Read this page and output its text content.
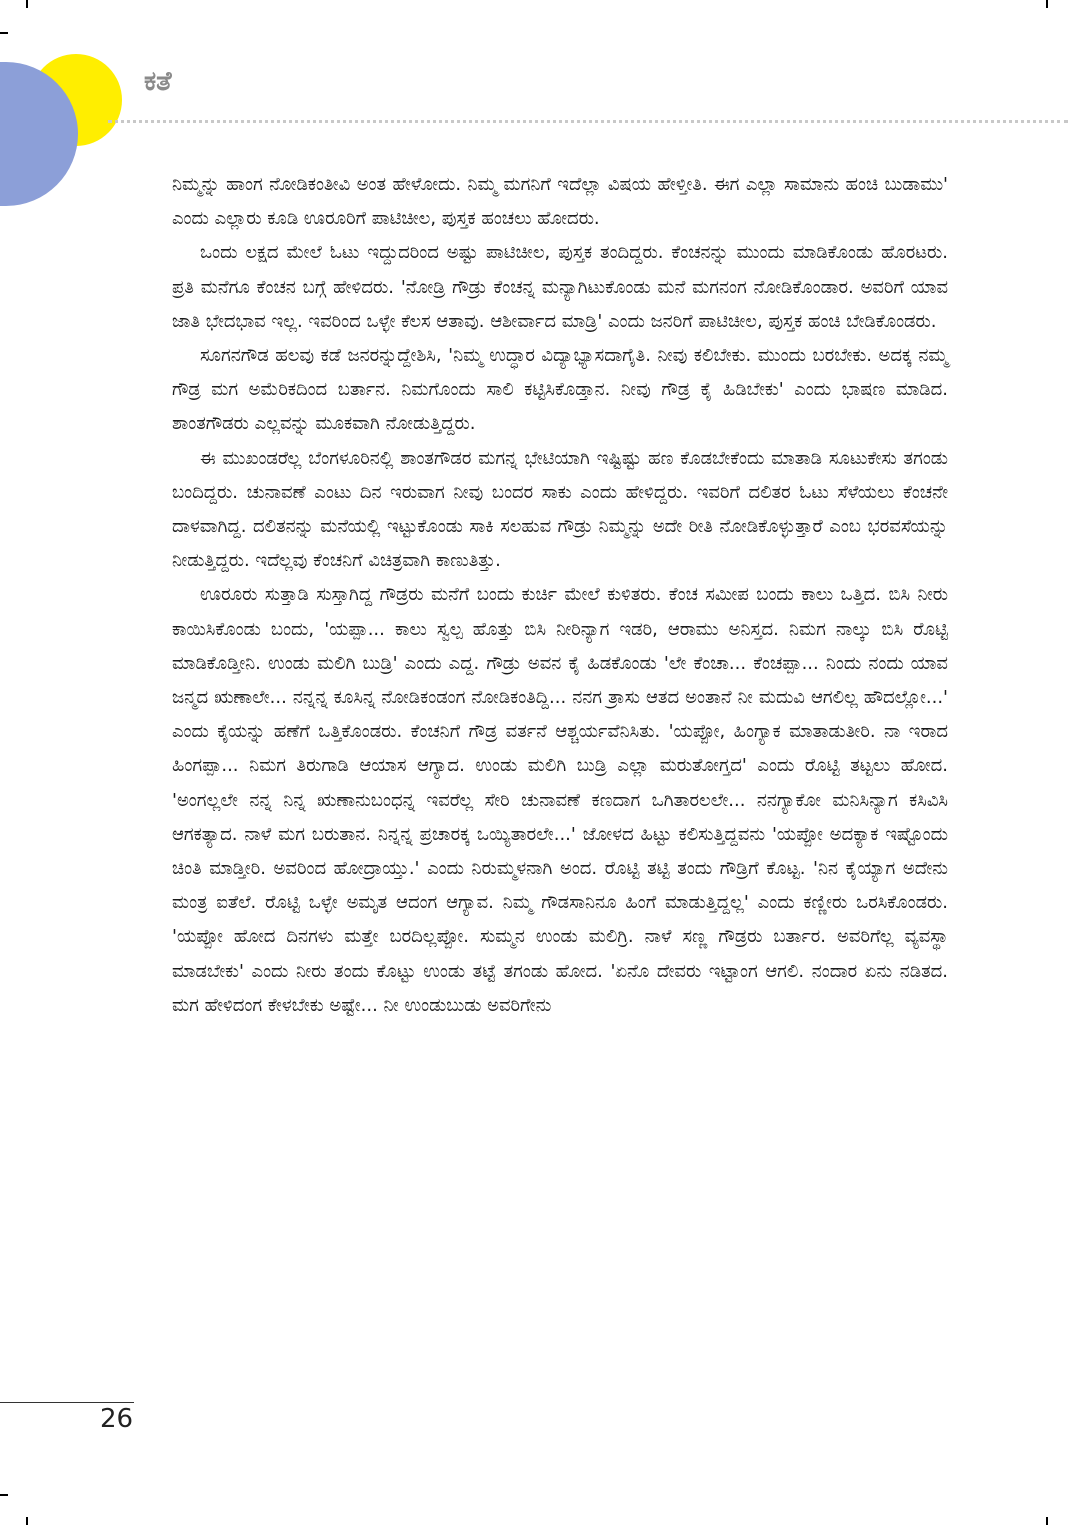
ಕತೆ

ನಿಮ್ಮನ್ನು ಹಾಂಗ ನೋಡಿಕಂತೀವಿ ಅಂತ ಹೇಳೋದು. ನಿಮ್ಮ ಮಗನಿಗೆ ಇದೆಲ್ಲಾ ವಿಷಯ ಹೇಳ್ತೀತಿ. ಈಗ ಎಲ್ಲಾ ಸಾಮಾನು ಹಂಚಿ ಬುಡಾಮು' ಎಂದು ಎಲ್ಲಾರು ಕೂಡಿ ಊರೂರಿಗೆ ಪಾಟಿಚೀಲ, ಪುಸ್ತಕ ಹಂಚಲು ಹೋದರು.

ಒಂದು ಲಕ್ಷದ ಮೇಲೆ ಓಟು ಇದ್ದುದರಿಂದ ಅಷ್ಟು ಪಾಟಿಚೀಲ, ಪುಸ್ತಕ ತಂದಿದ್ದರು. ಕೆಂಚನನ್ನು ಮುಂದು ಮಾಡಿಕೊಂಡು ಹೊರಟರು. ಪ್ರತಿ ಮನೆಗೂ ಕೆಂಚನ ಬಗ್ಗೆ ಹೇಳಿದರು. 'ನೋಡ್ರಿ ಗೌಡ್ರು ಕೆಂಚನ್ನ ಮನ್ಯಾಗಿಟುಕೊಂಡು ಮನೆ ಮಗನಂಗ ನೋಡಿಕೊಂಡಾರ. ಅವರಿಗೆ ಯಾವ ಜಾತಿ ಭೇದಭಾವ ಇಲ್ಲ. ಇವರಿಂದ ಒಳ್ಳೇ ಕೆಲಸ ಆತಾವು. ಆಶೀರ್ವಾದ ಮಾಡ್ರಿ' ಎಂದು ಜನರಿಗೆ ಪಾಟಿಚೀಲ, ಪುಸ್ತಕ ಹಂಚಿ ಬೇಡಿಕೊಂಡರು.

ಸೂಗನಗೌಡ ಹಲವು ಕಡೆ ಜನರನ್ನುದ್ದೇಶಿಸಿ, 'ನಿಮ್ಮ ಉದ್ಧಾರ ವಿದ್ಯಾಭ್ಯಾಸದಾಗೈತಿ. ನೀವು ಕಲಿಬೇಕು. ಮುಂದು ಬರಬೇಕು. ಅದಕ್ಕ ನಮ್ಮ ಗೌಡ್ರ ಮಗ ಅಮೆರಿಕದಿಂದ ಬರ್ತಾನ. ನಿಮಗೊಂದು ಸಾಲಿ ಕಟ್ಟಿಸಿಕೊಡ್ತಾನ. ನೀವು ಗೌಡ್ರ ಕೈ ಹಿಡಿಬೇಕು' ಎಂದು ಭಾಷಣ ಮಾಡಿದ. ಶಾಂತಗೌಡರು ಎಲ್ಲವನ್ನು ಮೂಕವಾಗಿ ನೋಡುತ್ತಿದ್ದರು.

ಈ ಮುಖಂಡರೆಲ್ಲ ಬೆಂಗಳೂರಿನಲ್ಲಿ ಶಾಂತಗೌಡರ ಮಗನ್ನ ಭೇಟಿಯಾಗಿ ಇಷ್ಟಿಷ್ಟು ಹಣ ಕೊಡಬೇಕೆಂದು ಮಾತಾಡಿ ಸೂಟುಕೇಸು ತಗಂಡು ಬಂದಿದ್ದರು. ಚುನಾವಣೆ ಎಂಟು ದಿನ ಇರುವಾಗ ನೀವು ಬಂದರ ಸಾಕು ಎಂದು ಹೇಳಿದ್ದರು. ಇವರಿಗೆ ದಲಿತರ ಓಟು ಸೆಳೆಯಲು ಕೆಂಚನೇ ದಾಳವಾಗಿದ್ದ. ದಲಿತನನ್ನು ಮನೆಯಲ್ಲಿ ಇಟ್ಟುಕೊಂಡು ಸಾಕಿ ಸಲಹುವ ಗೌಡ್ರು ನಿಮ್ಮನ್ನು ಅದೇ ರೀತಿ ನೋಡಿಕೊಳ್ಳುತ್ತಾರೆ ಎಂಬ ಭರವಸೆಯನ್ನು ನೀಡುತ್ತಿದ್ದರು. ಇದೆಲ್ಲವು ಕೆಂಚನಿಗೆ ವಿಚಿತ್ರವಾಗಿ ಕಾಣುತಿತ್ತು.

ಊರೂರು ಸುತ್ತಾಡಿ ಸುಸ್ತಾಗಿದ್ದ ಗೌಡ್ರರು ಮನೆಗೆ ಬಂದು ಕುರ್ಚಿ ಮೇಲೆ ಕುಳಿತರು. ಕೆಂಚ ಸಮೀಪ ಬಂದು ಕಾಲು ಒತ್ತಿದ. ಬಿಸಿ ನೀರು ಕಾಯಿಸಿಕೊಂಡು ಬಂದು, 'ಯಪ್ಪಾ... ಕಾಲು ಸ್ವಲ್ಪ ಹೊತ್ತು ಬಿಸಿ ನೀರಿನ್ಯಾಗ ಇಡರಿ, ಆರಾಮು ಅನಿಸ್ತದ. ನಿಮಗ ನಾಲ್ಕು ಬಿಸಿ ರೊಟ್ಟಿ ಮಾಡಿಕೊಡ್ತೀನಿ. ಉಂಡು ಮಲಿಗಿ ಬುಡ್ರಿ' ಎಂದು ಎದ್ದ. ಗೌಡ್ರು ಅವನ ಕೈ ಹಿಡಕೊಂಡು 'ಲೇ ಕೆಂಚಾ... ಕೆಂಚಪ್ಪಾ... ನಿಂದು ನಂದು ಯಾವ ಜನ್ಮದ ಋಣಾಲೇ... ನನ್ನನ್ನ ಕೂಸಿನ್ನ ನೋಡಿಕಂಡಂಗ ನೋಡಿಕಂತಿದ್ದಿ... ನನಗ ತ್ರಾಸು ಆತದ ಅಂತಾನೆ ನೀ ಮದುವಿ ಆಗಲಿಲ್ಲ ಹೌದಲ್ಲೋ...' ಎಂದು ಕೈಯನ್ನು ಹಣೆಗೆ ಒತ್ತಿಕೊಂಡರು. ಕೆಂಚನಿಗೆ ಗೌಡ್ರ ವರ್ತನೆ ಆಶ್ಚರ್ಯವೆನಿಸಿತು. 'ಯಪ್ಪೋ, ಹಿಂಗ್ಯಾಕ ಮಾತಾಡುತೀರಿ. ನಾ ಇರಾದ ಹಿಂಗಪ್ಪಾ... ನಿಮಗ ತಿರುಗಾಡಿ ಆಯಾಸ ಆಗ್ಯಾದ. ಉಂಡು ಮಲಿಗಿ ಬುಡ್ರಿ ಎಲ್ಲಾ ಮರುತೋಗ್ತದ' ಎಂದು ರೊಟ್ಟಿ ತಟ್ಟಲು ಹೋದ. 'ಅಂಗಲ್ಲಲೇ ನನ್ನ ನಿನ್ನ ಋಣಾನುಬಂಧನ್ನ ಇವರೆಲ್ಲ ಸೇರಿ ಚುನಾವಣೆ ಕಣದಾಗ ಒಗಿತಾರಲಲೇ... ನನಗ್ಯಾಕೋ ಮನಿಸಿನ್ಯಾಗ ಕಸಿವಿಸಿ ಆಗಕತ್ಯಾದ. ನಾಳೆ ಮಗ ಬರುತಾನ. ನಿನ್ನನ್ನ ಪ್ರಚಾರಕ್ಕ ಒಯ್ಯಿತಾರಲೇ...' ಜೋಳದ ಹಿಟ್ಟು ಕಲಿಸುತ್ತಿದ್ದವನು 'ಯಪ್ಪೋ ಅದಕ್ಯಾಕ ಇಷ್ಟೊಂದು ಚಿಂತಿ ಮಾಡ್ತೀರಿ. ಅವರಿಂದ ಹೋದ್ರಾಯ್ತು.' ಎಂದು ನಿರುಮ್ಮಳನಾಗಿ ಅಂದ. ರೊಟ್ಟಿ ತಟ್ಟಿ ತಂದು ಗೌಡ್ರಿಗೆ ಕೊಟ್ಟ. 'ನಿನ ಕೈಯ್ಯಾಗ ಅದೇನು ಮಂತ್ರ ಐತೆಲೆ. ರೊಟ್ಟಿ ಒಳ್ಳೇ ಅಮೃತ ಆದಂಗ ಆಗ್ಯಾವ. ನಿಮ್ಮ ಗೌಡಸಾನಿನೂ ಹಿಂಗೆ ಮಾಡುತ್ತಿದ್ದಲ್ಲ' ಎಂದು ಕಣ್ಣೀರು ಒರಸಿಕೊಂಡರು. 'ಯಪ್ಪೋ ಹೋದ ದಿನಗಳು ಮತ್ತೇ ಬರದಿಲ್ಲಪ್ಪೋ. ಸುಮ್ಮನ ಉಂಡು ಮಲಿಗ್ರಿ. ನಾಳೆ ಸಣ್ಣ ಗೌಡ್ರರು ಬರ್ತಾರ. ಅವರಿಗೆಲ್ಲ ವ್ಯವಸ್ಥಾ ಮಾಡಬೇಕು' ಎಂದು ನೀರು ತಂದು ಕೊಟ್ಟು ಉಂಡು ತಟ್ಟೆ ತಗಂಡು ಹೋದ. 'ಏನೊ ದೇವರು ಇಟ್ಟಾಂಗ ಆಗಲಿ. ನಂದಾರ ಏನು ನಡಿತದ. ಮಗ ಹೇಳಿದಂಗ ಕೇಳಬೇಕು ಅಷ್ಟೇ... ನೀ ಉಂಡುಬುಡು ಅವರಿಗೇನು

26
